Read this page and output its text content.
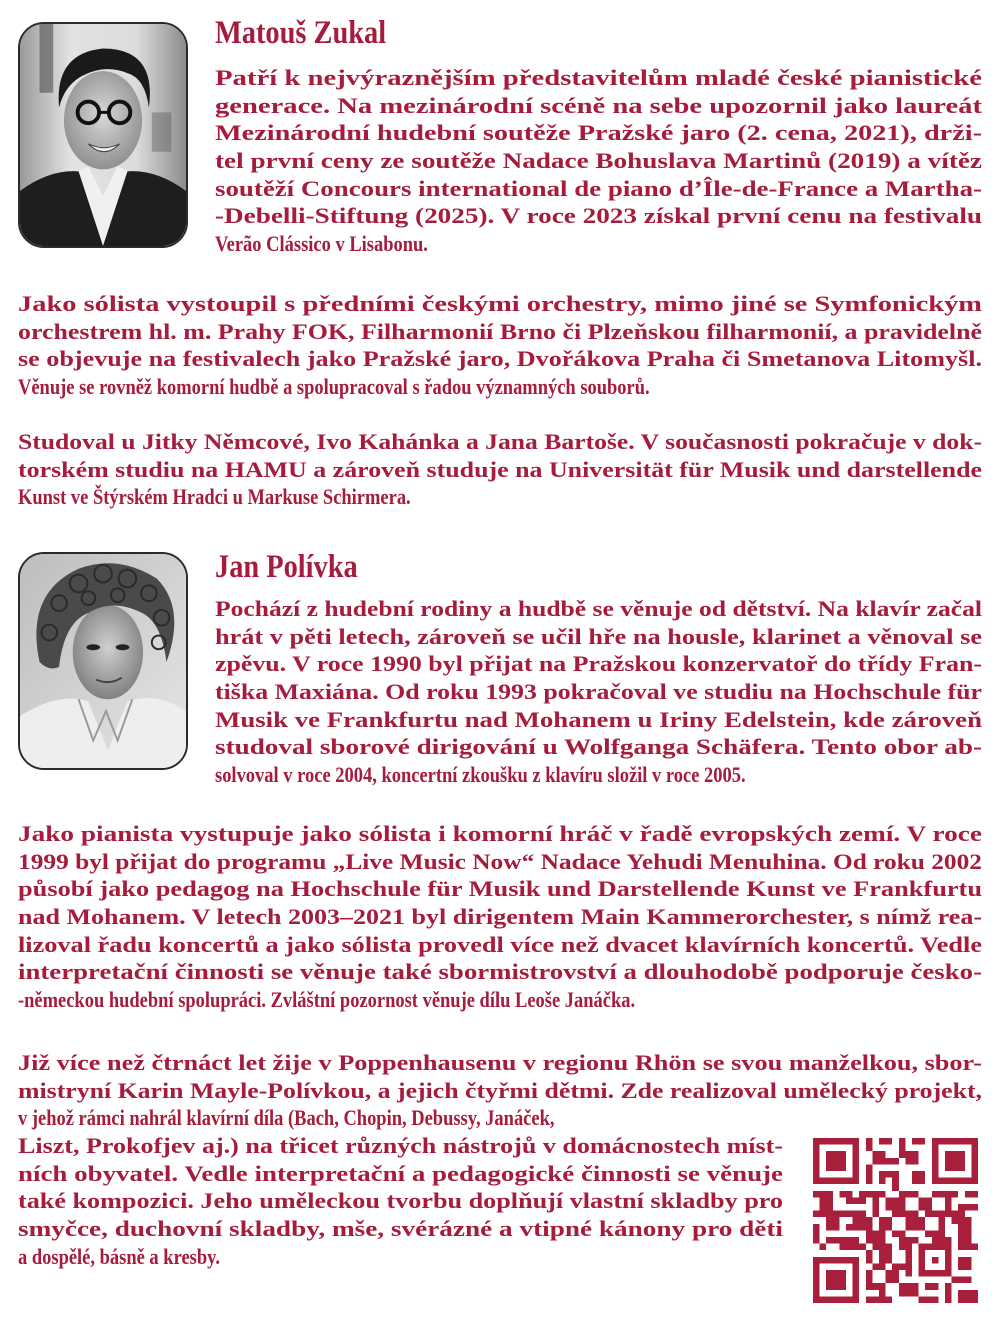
Matouš Zukal
Patří k nejvýraznějším představitelům mladé české pianistické
generace. Na mezinárodní scéně na sebe upozornil jako laureát
Mezinárodní hudební soutěže Pražské jaro (2. cena, 2021), drži-
tel první ceny ze soutěže Nadace Bohuslava Martinů (2019) a vítěz
soutěží Concours international de piano d’Île-de-France a Martha-
-Debelli-Stiftung (2025). V roce 2023 získal první cenu na festivalu
Verão Clássico v Lisabonu.
Jako sólista vystoupil s předními českými orchestry, mimo jiné se Symfonickým
orchestrem hl. m. Prahy FOK, Filharmonií Brno či Plzeňskou filharmonií, a pravidelně
se objevuje na festivalech jako Pražské jaro, Dvořákova Praha či Smetanova Litomyšl.
Věnuje se rovněž komorní hudbě a spolupracoval s řadou významných souborů.
Studoval u Jitky Němcové, Ivo Kahánka a Jana Bartoše. V současnosti pokračuje v dok-
torském studiu na HAMU a zároveň studuje na Universität für Musik und darstellende
Kunst ve Štýrském Hradci u Markuse Schirmera.
Jan Polívka
Pochází z hudební rodiny a hudbě se věnuje od dětství. Na klavír začal
hrát v pěti letech, zároveň se učil hře na housle, klarinet a věnoval se
zpěvu. V roce 1990 byl přijat na Pražskou konzervatoř do třídy Fran-
tiška Maxiána. Od roku 1993 pokračoval ve studiu na Hochschule für
Musik ve Frankfurtu nad Mohanem u Iriny Edelstein, kde zároveň
studoval sborové dirigování u Wolfganga Schäfera. Tento obor ab-
solvoval v roce 2004, koncertní zkoušku z klavíru složil v roce 2005.
Jako pianista vystupuje jako sólista i komorní hráč v řadě evropských zemí. V roce
1999 byl přijat do programu „Live Music Now“ Nadace Yehudi Menuhina. Od roku 2002
působí jako pedagog na Hochschule für Musik und Darstellende Kunst ve Frankfurtu
nad Mohanem. V letech 2003–2021 byl dirigentem Main Kammerorchester, s nímž rea-
lizoval řadu koncertů a jako sólista provedl více než dvacet klavírních koncertů. Vedle
interpretační činnosti se věnuje také sbormistrovství a dlouhodobě podporuje česko-
-německou hudební spolupráci. Zvláštní pozornost věnuje dílu Leoše Janáčka.
Již více než čtrnáct let žije v Poppenhausenu v regionu Rhön se svou manželkou, sbor-
mistryní Karin Mayle-Polívkou, a jejich čtyřmi dětmi. Zde realizoval umělecký projekt,
v jehož rámci nahrál klavírní díla (Bach, Chopin, Debussy, Janáček,
Liszt, Prokofjev aj.) na třicet různých nástrojů v domácnostech míst-
ních obyvatel. Vedle interpretační a pedagogické činnosti se věnuje
také kompozici. Jeho uměleckou tvorbu doplňují vlastní skladby pro
smyčce, duchovní skladby, mše, svérázné a vtipné kánony pro děti
a dospělé, básně a kresby.
